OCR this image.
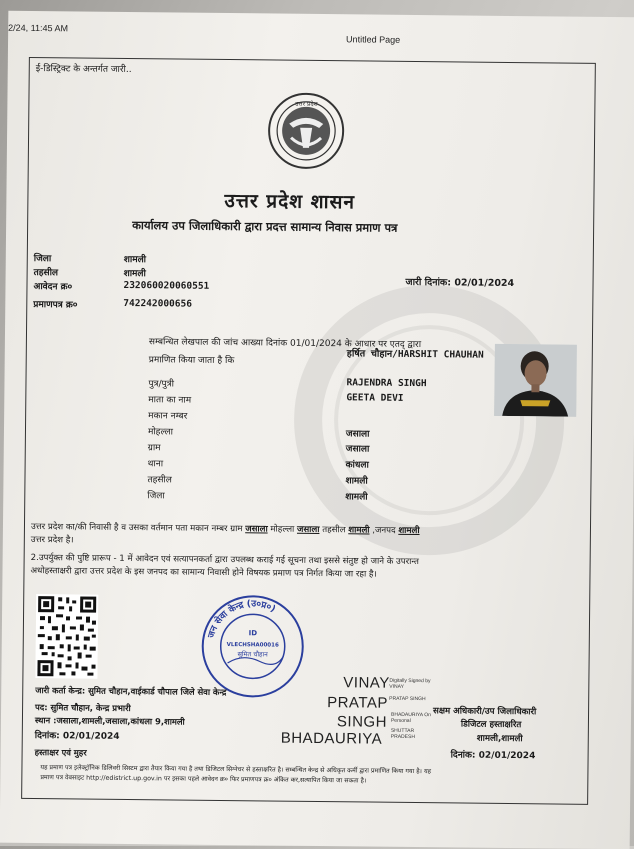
2/24, 11:45 AM
Untitled Page
ई-डिस्ट्रिक्ट के अन्तर्गत जारी..
उत्तर प्रदेश
उत्तर प्रदेश शासन
कार्यालय उप जिलाधिकारी द्वारा प्रदत्त सामान्य निवास प्रमाण पत्र
जिला	शामली
तहसील	शामली
आवेदन क्र०	232060020060551
प्रमाणपत्र क्र०	742242000656
जारी दिनांक: 02/01/2024
सम्बन्धित लेखपाल की जांच आख्या दिनांक 01/01/2024 के आधार पर एतद् द्वारा
प्रमाणित किया जाता है कि	हर्षित चौहान/HARSHIT CHAUHAN
पुत्र/पुत्री	RAJENDRA SINGH
माता का नाम	GEETA DEVI
मकान नम्बर
मोहल्ला	जसाला
ग्राम	जसाला
थाना	कांधला
तहसील	शामली
जिला	शामली
उत्तर प्रदेश का/की निवासी है व उसका वर्तमान पता मकान नम्बर ग्राम जसाला मोहल्ला जसाला तहसील शामली ,जनपद शामली
उत्तर प्रदेश है।
2.उपर्युक्त की पुष्टि प्रारूप - 1 में आवेदन एवं सत्यापनकर्ता द्वारा उपलब्ध कराई गई सूचना तथा इससे संतुष्ट हो जाने के उपरान्त
अधोहस्ताक्षरी द्वारा उत्तर प्रदेश के इस जनपद का सामान्य निवासी होने विषयक प्रमाण पत्र निर्गत किया जा रहा है।
जन सेवा केन्द्र (उ०प्र०)
ID
VLECHSHA00016
सुमित चौहान
जारी कर्ता केन्द्र: सुमित चौहान,वाईकार्ड चौपाल जिले सेवा केन्द्र
पद: सुमित चौहान, केन्द्र प्रभारी
स्थान :जसाला,शामली,जसाला,कांधला 9,शामली
दिनांक: 02/01/2024
हस्ताक्षर एवं मुहर
VINAY
PRATAP
SINGH
BHADAURIYA
Digitally Signed by VINAY
PRATAP SINGH
BHADAURIYA On Personal
SHUTTAR PRADESH
सक्षम अधिकारी/उप जिलाधिकारी
डिजिटल हस्ताक्षरित
शामली,शामली
दिनांक: 02/01/2024
यह प्रमाण पत्र इलेक्ट्रॉनिक डिलिवरी सिस्टम द्वारा तैयार किया गया है तथा डिजिटल सिग्नेचर से हस्ताक्षरित है। सम्बन्धित केन्द्र से अधिकृत कर्मी द्वारा प्रमाणित किया गया है। यह
प्रमाण पत्र वेबसाइट http://edistrict.up.gov.in पर इसका पहले आवेदन क्र० फिर प्रमाणपत्र क्र० अंकित कर,सत्यापित किया जा सकता है।
